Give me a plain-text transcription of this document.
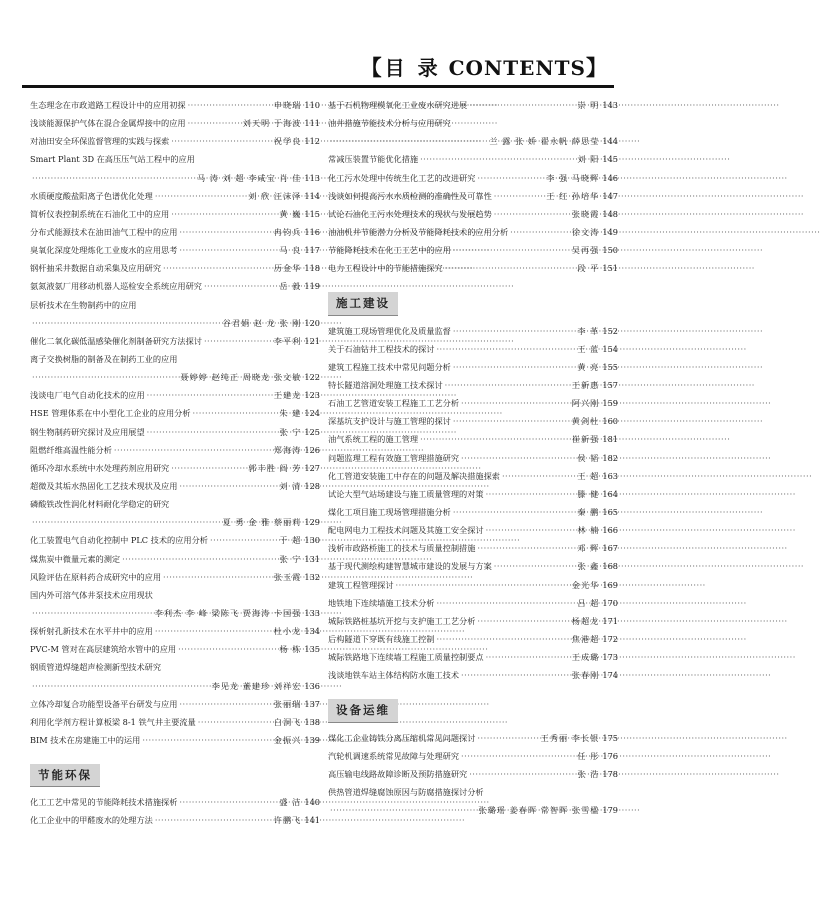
【 目 录 CONTENTS】
生态理念在市政道路工程设计中的应用初探 ·····	申晓瑞 110
浅谈能源保护气体在混合金属焊接中的应用 ·····	刘天明 于海波 111
对油田安全环保监督管理的实践与探索 ·····	祝学良 112
Smart Plant 3D 在高压压气站工程中的应用
·····
马 涛 刘 超 李咸宝 肖 佳 113
水质硬度酸盐阳离子色谱优化处理 ·····	刘 欣 汪沫泽 114
简析仪表控制系统在石油化工中的应用 ·····	黄 巍 115
分布式能源技术在油田油气工程中的应用 ·····	冉钧兵 116
臭氧化深度处理炼化工业废水的应用思考 ·····	马 良 117
钢杆抽采井数据自动采集及应用研究 ·····	历金华 118
氨氮液氨厂用移动机器人巡检安全系统应用研究 ·····	岳 毅 119
层析技术在生物制药中的应用
·····
谷君娟 赵 龙 张 刚 120
催化二氧化碳低温感染催化剂制备研究方法探讨 ·····	李平利 121
离子交换树脂的制备及在制药工业的应用
·····
聂婷婷 赵纯正 周晓龙 张文敏 122
浅谈电厂电气自动化技术的应用 ·····	王建龙 123
HSE 管理体系在中小型化工企业的应用分析 ·····	朱 建 124
钢生物制药研究探讨及应用展望 ·····	张 宁 125
阻燃纤维高温性能分析 ·····	郑海涛 126
循环冷却水系统中水处理药剂应用研究 ·····	郭丰胜 阎 芳 127
超微及其垢水热固化工艺技术现状及应用 ·····	刘 清 128
磷酸铁改性润化材料耐化学稳定的研究
·····
夏 勇 金 雅 蔡丽莉 129
化工装置电气自动化控制中 PLC 技术的应用分析 ·····	于 超 130
煤焦炭中微量元素的测定 ·····	张 宁 131
风险评估在原料药合成研究中的应用 ·····	张玉霞 132
国内外可溶气体井泵技术应用现状
·····
李利杰 李 峰 梁陈飞 贾海涛 卡国强 133
探析射孔新技术在水平井中的应用 ·····	杜小龙 134
PVC-M 管对在高层建筑给水管中的应用 ·····	杨 栋 135
钢质管道焊缝超声检测新型技术研究
·····
李见龙 董建珍 刘祥宏 136
立体冷却复合功能型设备平台研发与应用 ·····	张丽瑞 137
利用化学剂方程计算板梁 8-1 铁气井主要流量 ·····	白洞飞 138
BIM 技术在房建施工中的运用 ·····	金振兴 139
节能环保
化工工艺中常见的节能降耗技术措施探析 ·····	盛 洁 140
化工企业中的甲醛废水的处理方法 ·····	许鹏飞 141
基于石机物理模氧化工业废水研究进展 ·····	崇 明 143
油井措施节能技术分析与应用研究
·····
兰 露 张 娇 翟永帆 薛思莹 144
常减压装置节能优化措施 ·····	刘 阳 145
化工污水处理中传统生化工艺的改进研究 ·····	李 强 马晓辉 146
浅谈如何提高污水水质检测的准确性及可靠性 ·····	王 红 孙培华 147
试论石油化工污水处理技术的现状与发展趋势 ·····	张晓霞 148
油油机井节能潜力分析及节能降耗技术的应用分析 ·····	徐文涛 149
节能降耗技术在化工工艺中的应用 ·····	吴再强 150
电力工程设计中的节能措施探究 ·····	段 平 151
施工建设
建筑施工现场管理优化及质量监督 ·····	李 革 152
关于石油钻井工程技术的探讨 ·····	王 蓝 154
建筑工程施工技术中常见问题分析 ·····	黄 亮 155
特长隧道溶洞处理施工技术探讨 ·····	王新惠 157
石油工艺管道安装工程施工工艺分析 ·····	阿兴刚 159
深基坑支护设计与施工管理的探讨 ·····	黄剑杜 160
油气系统工程的施工管理 ·····	崔新强 181
问题监理工程有效施工管理措施研究 ·····	侯 韬 182
化工管道安装施工中存在的问题及解决措施探索 ·····	王 超 163
试论大型气站场建设与施工质量管理的对策 ·····	滕 健 164
煤化工项目施工现场管理措施分析 ·····	秦 鹏 165
配电网电力工程技术问题及其施工安全探讨 ·····	林 楠 166
浅析市政路桥施工的技术与质量控制措施 ·····	邓 辉 167
基于现代测绘构建智慧城市建设的发展与方案 ·····	张 鑫 168
建筑工程管理探讨 ·····	金光华 169
地铁地下连续墙施工技术分析 ·····	吕 超 170
城际铁路桩基坑开挖与支护施工工艺分析 ·····	杨超龙 171
后构隧道下穿既有线施工控制 ·····	焦港超 172
城际铁路地下连续墙工程施工质量控制要点 ·····	王成璐 173
浅谈地铁车站主体结构防水施工技术 ·····	张春刚 174
设备运维
煤化工企业铸铁分离压缩机常见问题探讨 ·····	王秀丽 李长银 175
汽轮机调速系统常见故障与处理研究 ·····	任 彤 176
高压输电线路故障诊断及预防措施研究 ·····	张 浩 178
供热管道焊缝腐蚀原因与防腐措施探讨分析
·····
张璐瑶 姜春晖 常智晖 张雪楹 179
